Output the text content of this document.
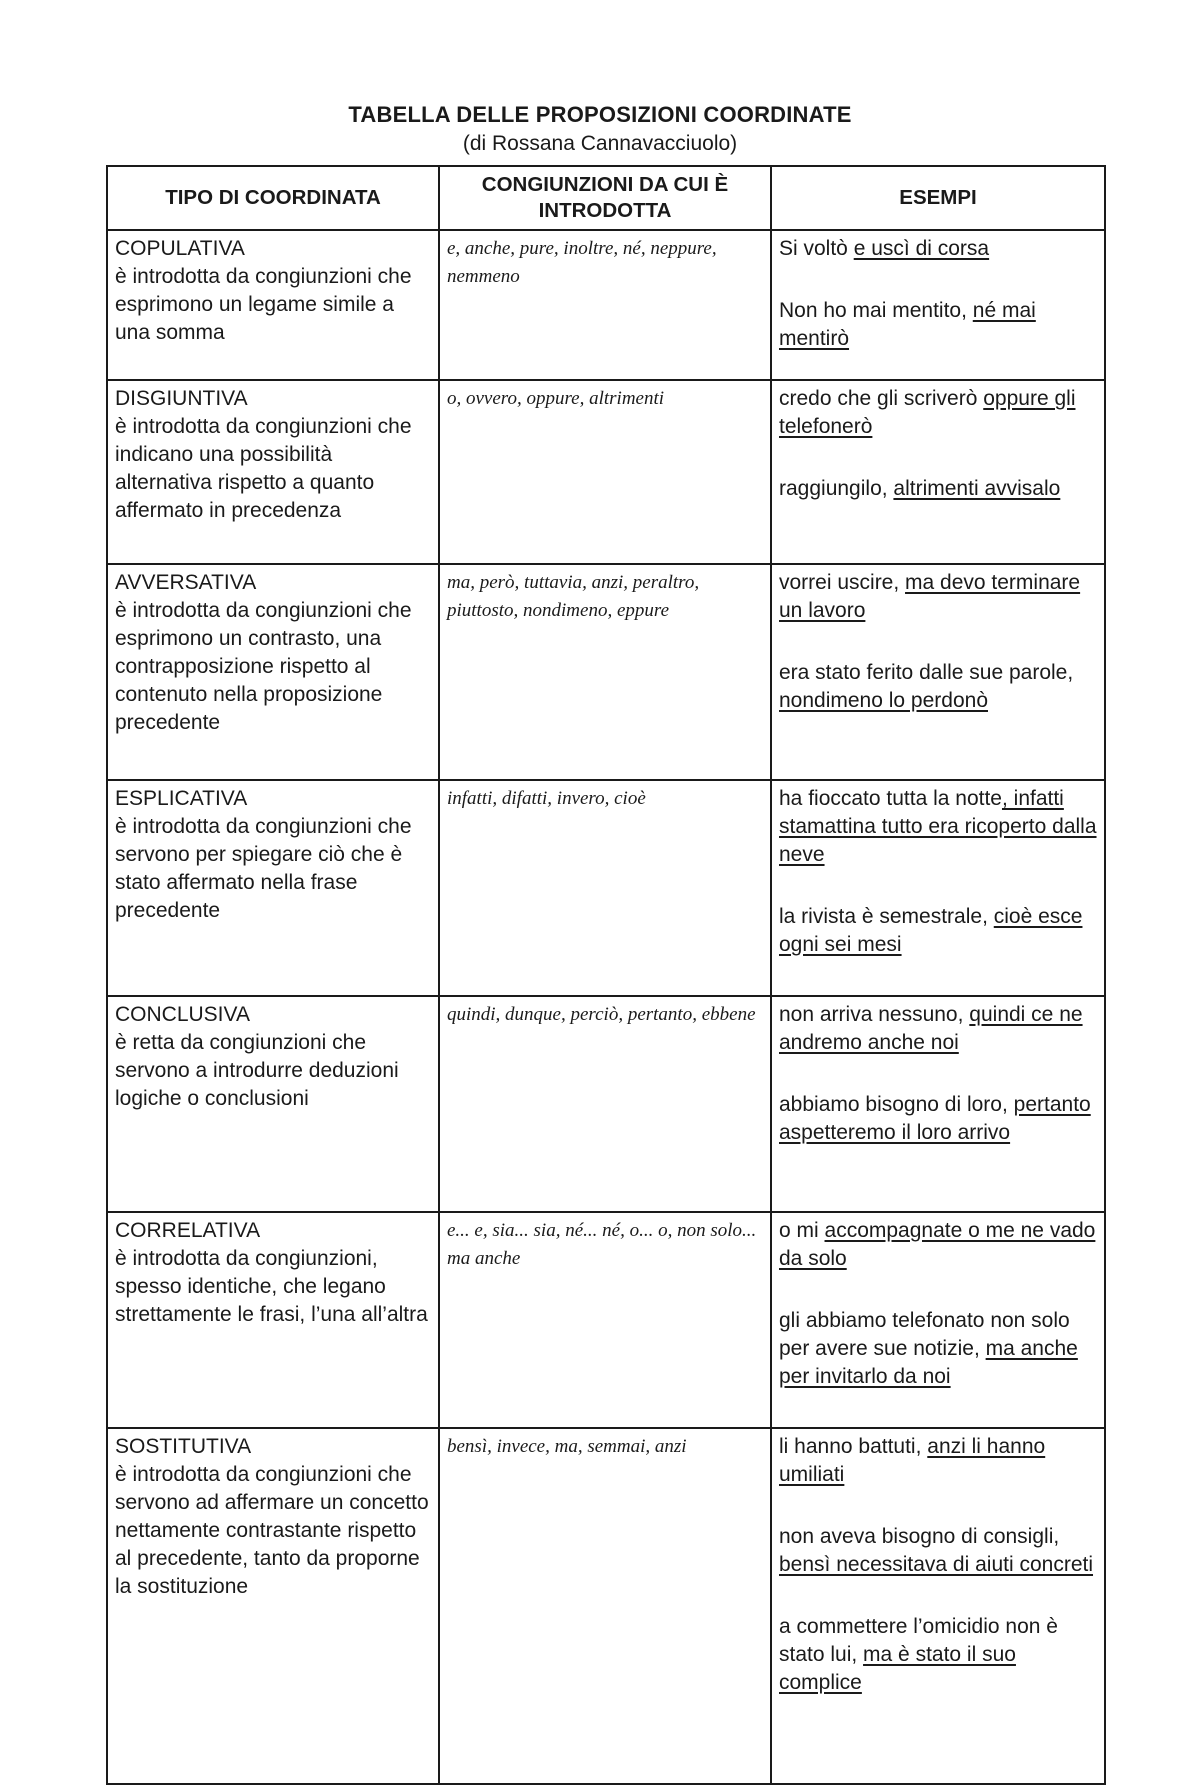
TABELLA DELLE PROPOSIZIONI COORDINATE
(di Rossana Cannavacciuolo)
TIPO DI COORDINATA	CONGIUNZIONI DA CUI È INTRODOTTA	ESEMPI

COPULATIVA
è introdotta da congiunzioni che esprimono un legame simile a una somma	e, anche, pure, inoltre, né, neppure, nemmeno	Si voltò e uscì di corsa
Non ho mai mentito, né mai mentirò

DISGIUNTIVA
è introdotta da congiunzioni che indicano una possibilità alternativa rispetto a quanto affermato in precedenza	o, ovvero, oppure, altrimenti	credo che gli scriverò oppure gli telefonerò
raggiungilo, altrimenti avvisalo

AVVERSATIVA
è introdotta da congiunzioni che esprimono un contrasto, una contrapposizione rispetto al contenuto nella proposizione precedente	ma, però, tuttavia, anzi, peraltro, piuttosto, nondimeno, eppure	vorrei uscire, ma devo terminare un lavoro
era stato ferito dalle sue parole, nondimeno lo perdonò

ESPLICATIVA
è introdotta da congiunzioni che servono per spiegare ciò che è stato affermato nella frase precedente	infatti, difatti, invero, cioè	ha fioccato tutta la notte, infatti stamattina tutto era ricoperto dalla neve
la rivista è semestrale, cioè esce ogni sei mesi

CONCLUSIVA
è retta da congiunzioni che servono a introdurre deduzioni logiche o conclusioni	quindi, dunque, perciò, pertanto, ebbene	non arriva nessuno, quindi ce ne andremo anche noi
abbiamo bisogno di loro, pertanto aspetteremo il loro arrivo

CORRELATIVA
è introdotta da congiunzioni, spesso identiche, che legano strettamente le frasi, l’una all’altra	e... e, sia... sia, né... né, o... o, non solo... ma anche	o mi accompagnate o me ne vado da solo
gli abbiamo telefonato non solo per avere sue notizie, ma anche per invitarlo da noi

SOSTITUTIVA
è introdotta da congiunzioni che servono ad affermare un concetto nettamente contrastante rispetto al precedente, tanto da proporne la sostituzione	bensì, invece, ma, semmai, anzi	li hanno battuti, anzi li hanno umiliati
non aveva bisogno di consigli, bensì necessitava di aiuti concreti
a commettere l’omicidio non è stato lui, ma è stato il suo complice
